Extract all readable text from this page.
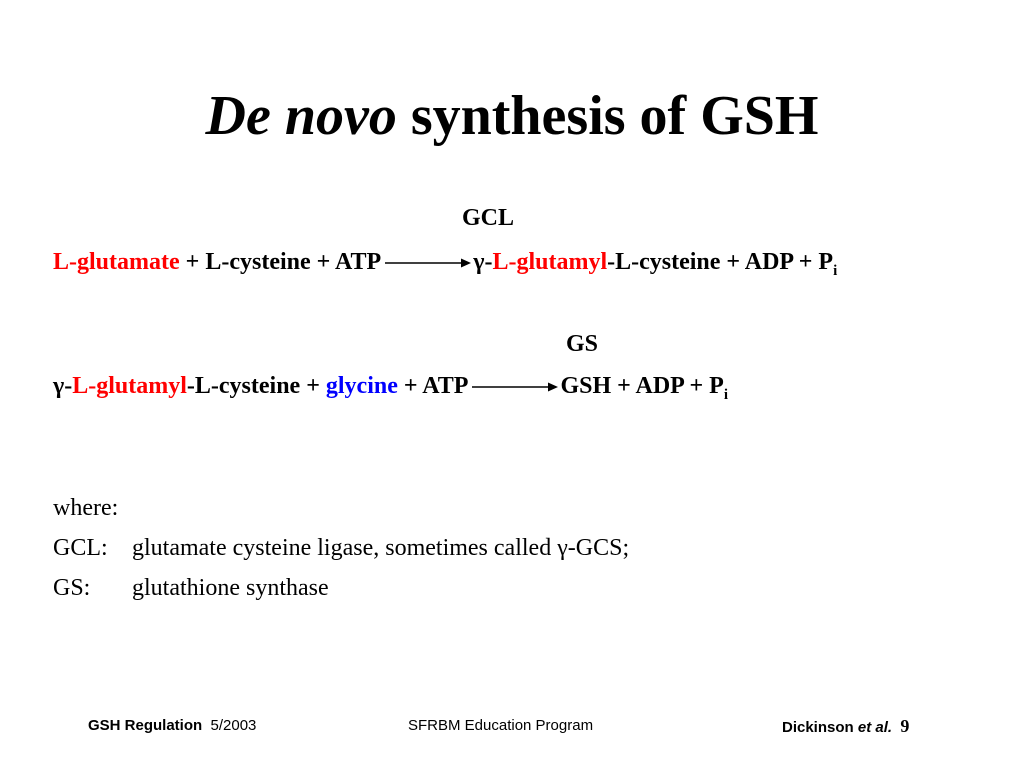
De novo synthesis of GSH
GCL
L-glutamate + L-cysteine + ATP→γ-L-glutamyl-L-cysteine + ADP + $P_i$
GS
γ-L-glutamyl-L-cysteine + glycine + ATP→GSH + ADP + $P_i$
where:
GCL: glutamate cysteine ligase, sometimes called γ-GCS;
GS: glutathione synthase
GSH Regulation 5/2003	SFRBM Education Program	Dickinson et al. 9
